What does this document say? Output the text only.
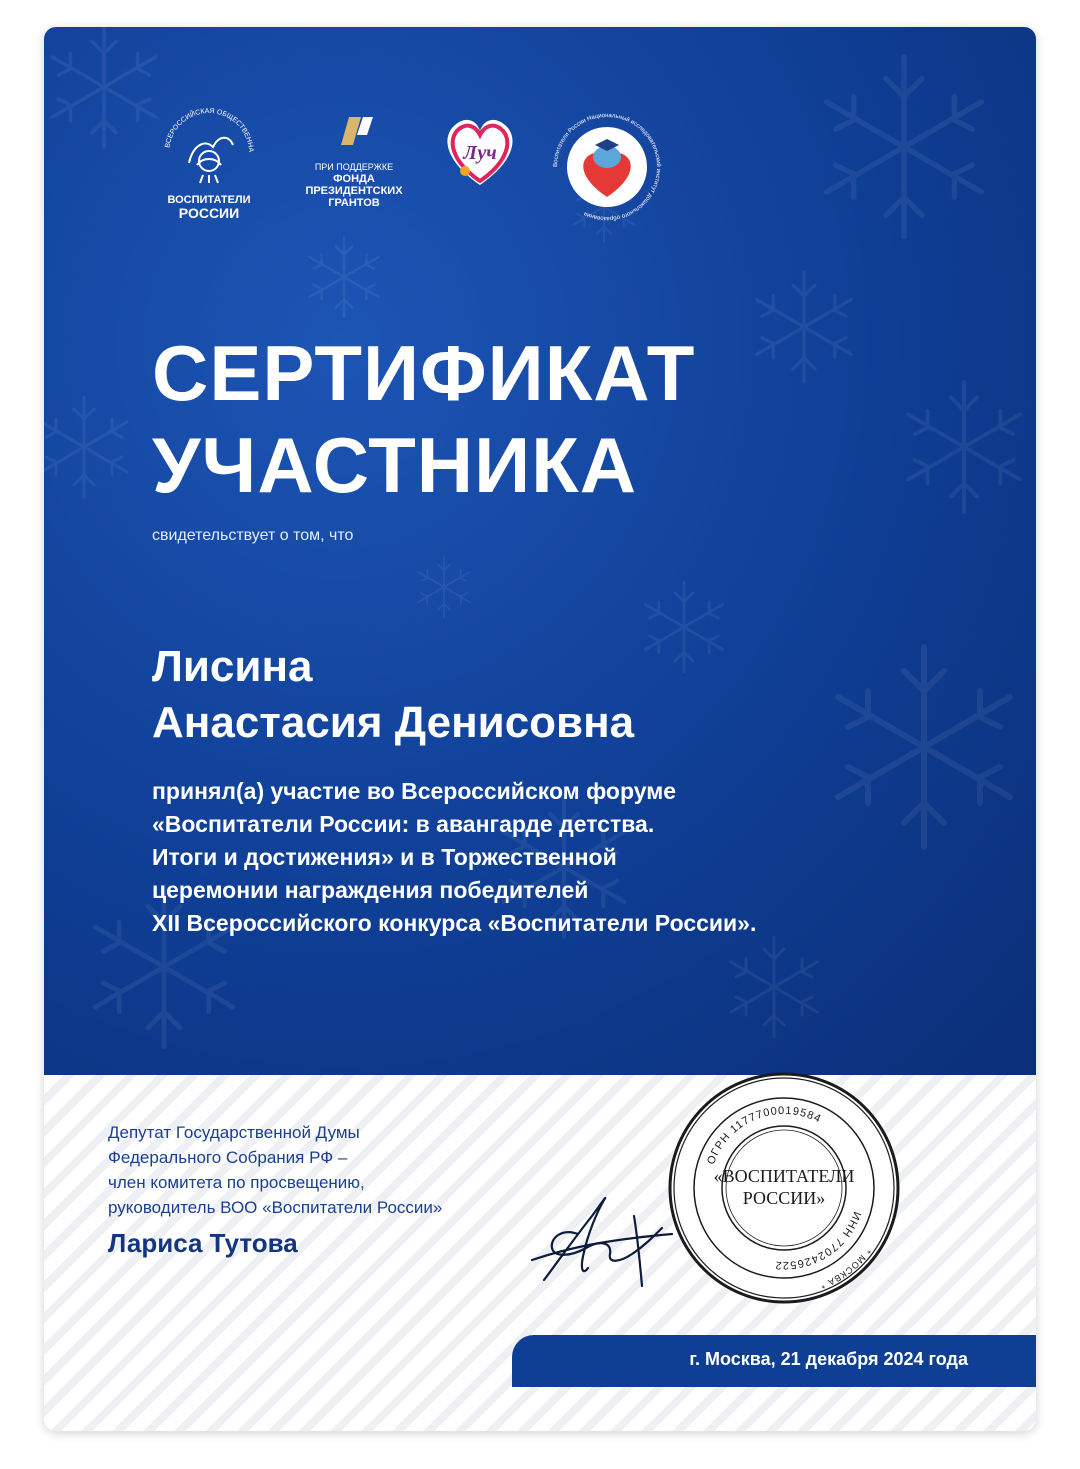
ВСЕРОССИЙСКАЯ ОБЩЕСТВЕННА
ВОСПИТАТЕЛИ
РОССИИ
ПРИ ПОДДЕРЖКЕ
ФОНДА
ПРЕЗИДЕНТСКИХ
ГРАНТОВ
Луч
Воспитатели России Национальный исследовательский институт дошкольного образования
СЕРТИФИКАТ
УЧАСТНИКА
свидетельствует о том, что
Лисина
Анастасия Денисовна
принял(а) участие во Всероссийском форуме
«Воспитатели России: в авангарде детства.
Итоги и достижения» и в Торжественной
церемонии награждения победителей
XII Всероссийского конкурса «Воспитатели России».
Депутат Государственной Думы
Федерального Собрания РФ –
член комитета по просвещению,
руководитель ВОО «Воспитатели России»
Лариса Тутова
ОГРН 1177700019584
ИНН 7702426522
* МОСКВА *
«ВОСПИТАТЕЛИ
РОССИИ»
г. Москва, 21 декабря 2024 года
